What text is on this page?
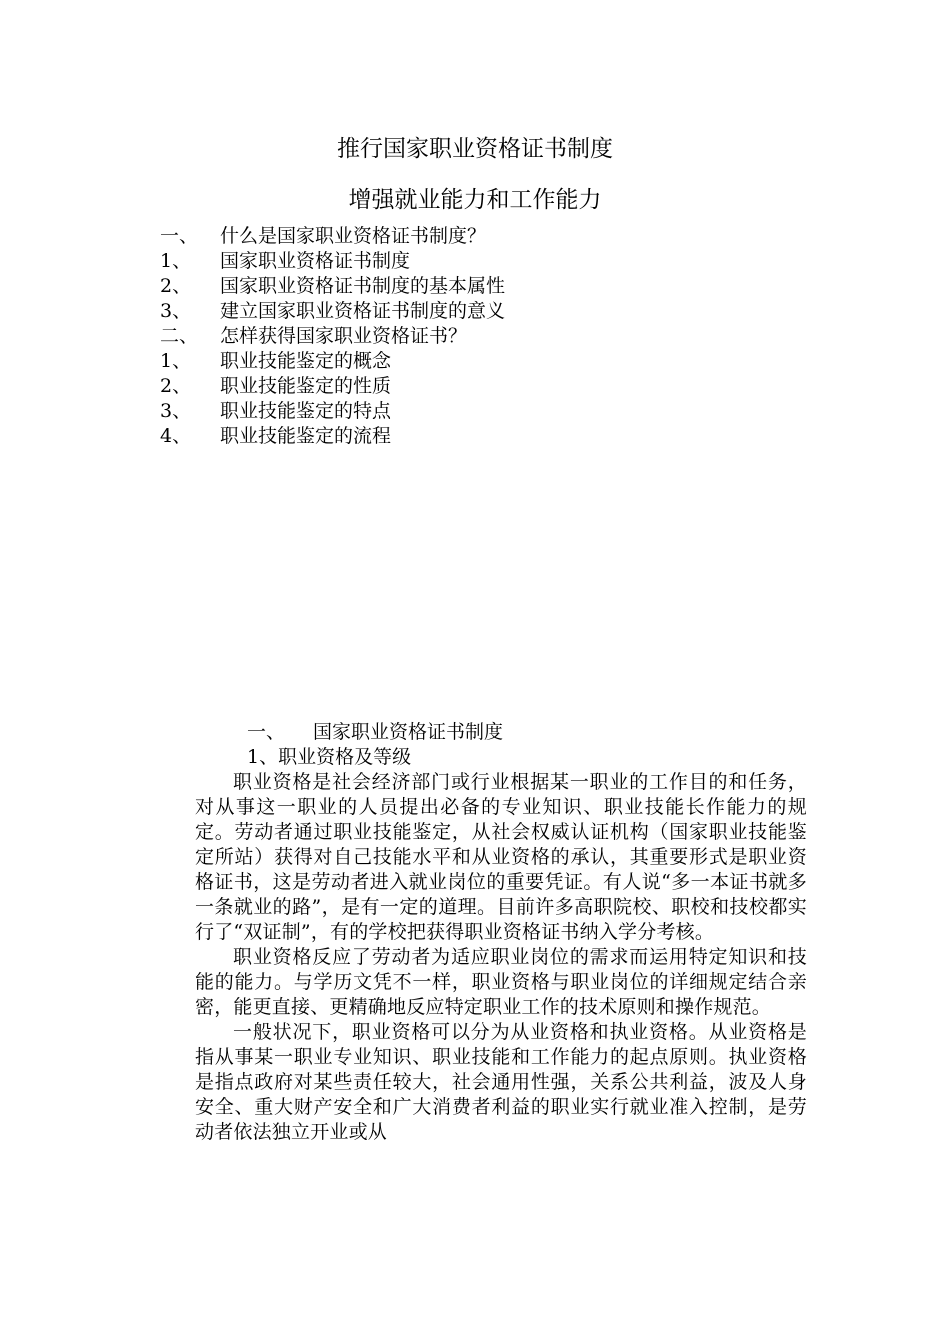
推行国家职业资格证书制度
增强就业能力和工作能力
一、	什么是国家职业资格证书制度？
1、	国家职业资格证书制度
2、	国家职业资格证书制度的基本属性
3、	建立国家职业资格证书制度的意义
二、	怎样获得国家职业资格证书？
1、	职业技能鉴定的概念
2、	职业技能鉴定的性质
3、	职业技能鉴定的特点
4、	职业技能鉴定的流程
一、	国家职业资格证书制度
1、职业资格及等级

职业资格是社会经济部门或行业根据某一职业的工作目的和任务，对从事这一职业的人员提出必备的专业知识、职业技能长作能力的规定。劳动者通过职业技能鉴定，从社会权威认证机构（国家职业技能鉴定所站）获得对自己技能水平和从业资格的承认，其重要形式是职业资格证书，这是劳动者进入就业岗位的重要凭证。有人说“多一本证书就多一条就业的路”，是有一定的道理。目前许多高职院校、职校和技校都实行了“双证制”，有的学校把获得职业资格证书纳入学分考核。

职业资格反应了劳动者为适应职业岗位的需求而运用特定知识和技能的能力。与学历文凭不一样，职业资格与职业岗位的详细规定结合亲密，能更直接、更精确地反应特定职业工作的技术原则和操作规范。

一般状况下，职业资格可以分为从业资格和执业资格。从业资格是指从事某一职业专业知识、职业技能和工作能力的起点原则。执业资格是指点政府对某些责任较大，社会通用性强，关系公共利益，波及人身安全、重大财产安全和广大消费者利益的职业实行就业准入控制，是劳动者依法独立开业或从
